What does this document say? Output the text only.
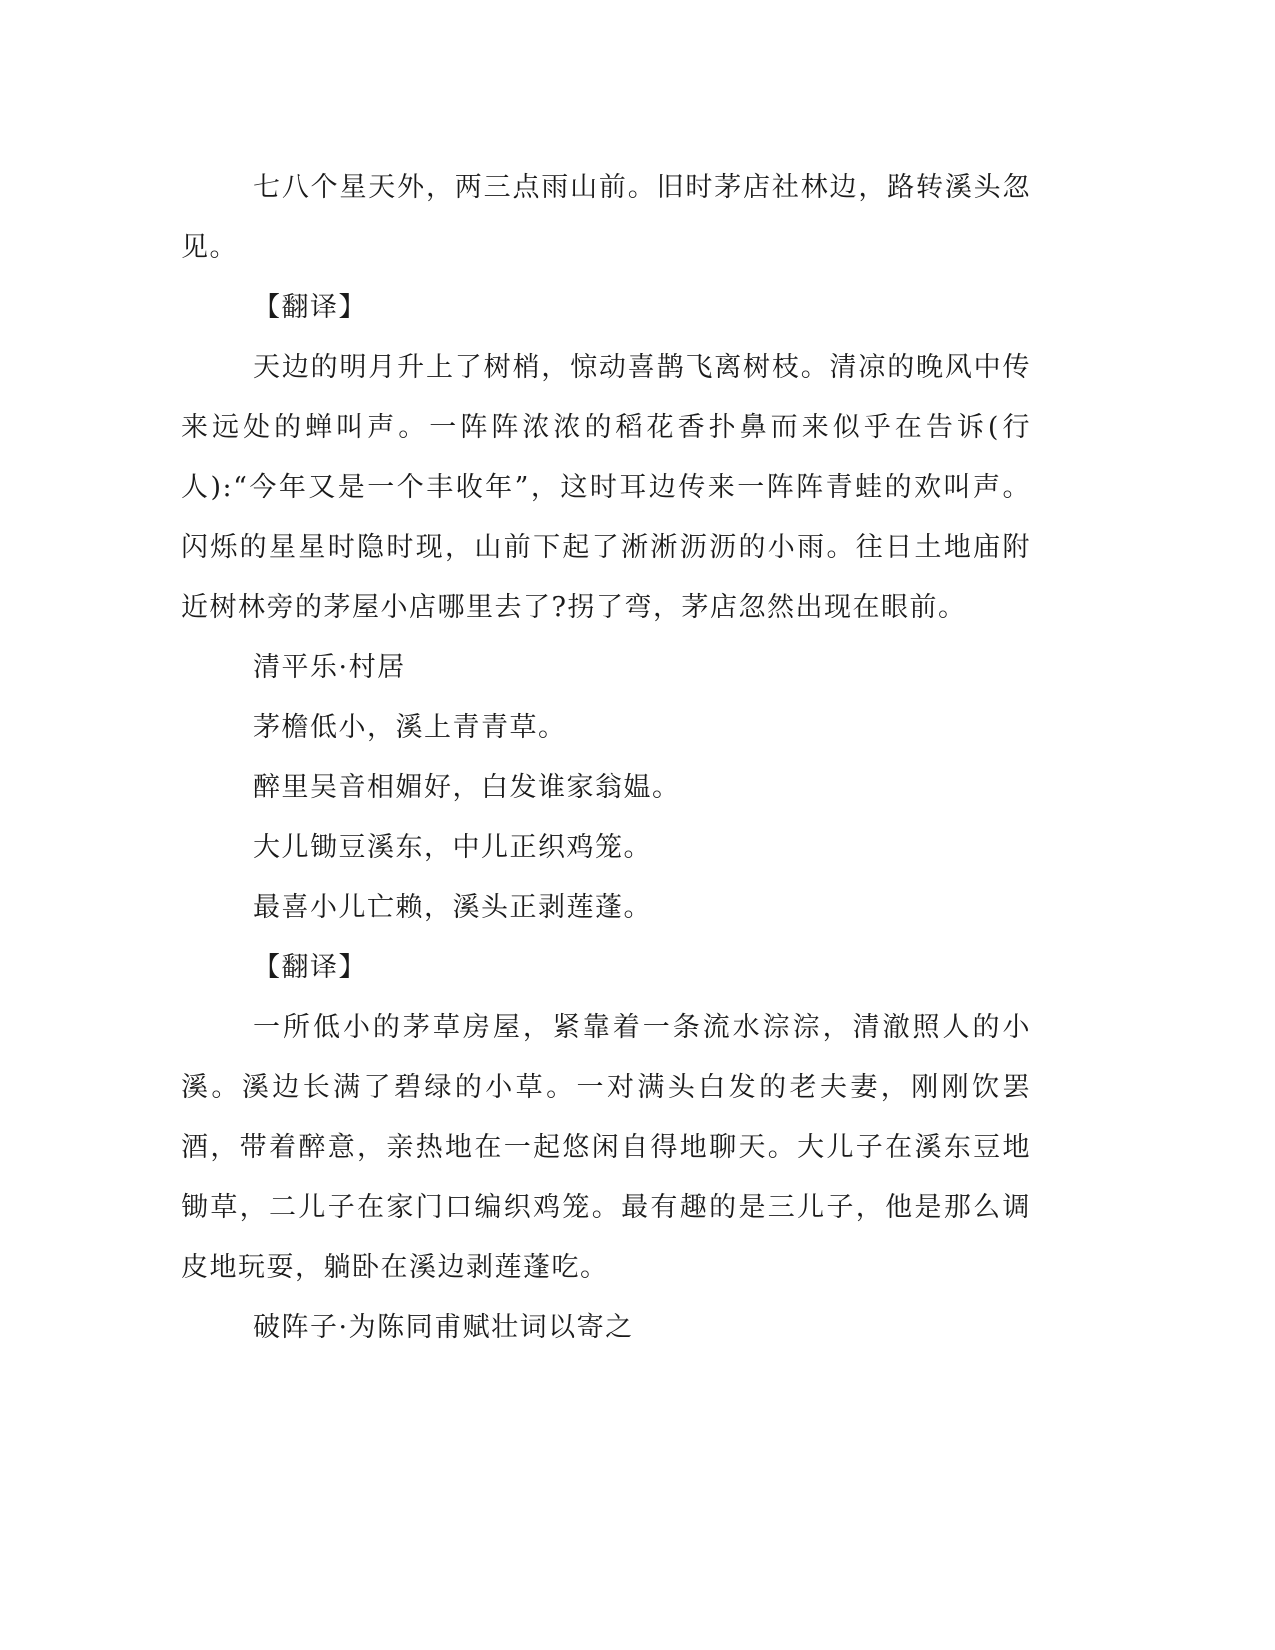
七八个星天外，两三点雨山前。旧时茅店社林边，路转溪头忽见。

【翻译】

天边的明月升上了树梢，惊动喜鹊飞离树枝。清凉的晚风中传来远处的蝉叫声。一阵阵浓浓的稻花香扑鼻而来似乎在告诉(行人):“今年又是一个丰收年”，这时耳边传来一阵阵青蛙的欢叫声。闪烁的星星时隐时现，山前下起了淅淅沥沥的小雨。往日土地庙附近树林旁的茅屋小店哪里去了?拐了弯，茅店忽然出现在眼前。

清平乐·村居

茅檐低小，溪上青青草。

醉里吴音相媚好，白发谁家翁媪。

大儿锄豆溪东，中儿正织鸡笼。

最喜小儿亡赖，溪头正剥莲蓬。

【翻译】

一所低小的茅草房屋，紧靠着一条流水淙淙，清澈照人的小溪。溪边长满了碧绿的小草。一对满头白发的老夫妻，刚刚饮罢酒，带着醉意，亲热地在一起悠闲自得地聊天。大儿子在溪东豆地锄草，二儿子在家门口编织鸡笼。最有趣的是三儿子，他是那么调皮地玩耍，躺卧在溪边剥莲蓬吃。

破阵子·为陈同甫赋壮词以寄之
